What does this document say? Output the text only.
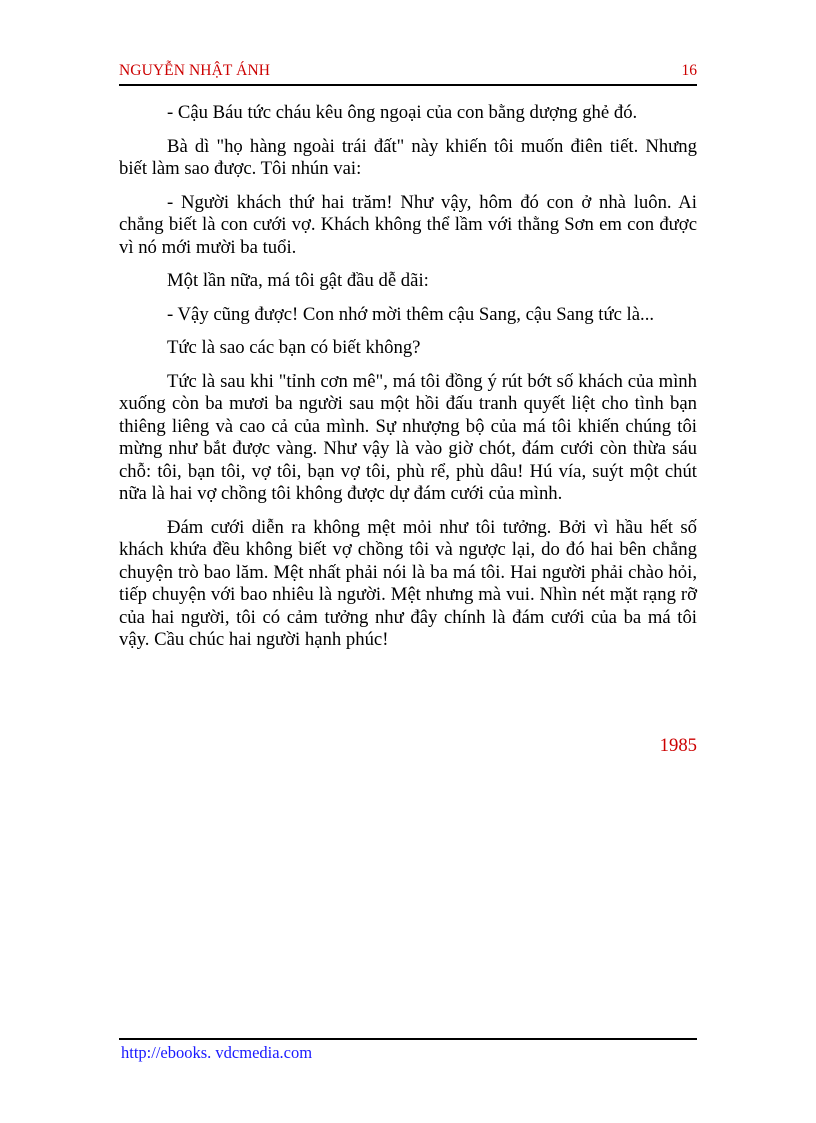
NGUYỄN NHẬT ÁNH	16

- Cậu Báu tức cháu kêu ông ngoại của con bằng dượng ghẻ đó.

Bà dì "họ hàng ngoài trái đất" này khiến tôi muốn điên tiết. Nhưng biết làm sao được. Tôi nhún vai:

- Người khách thứ hai trăm! Như vậy, hôm đó con ở nhà luôn. Ai chẳng biết là con cưới vợ. Khách không thể lầm với thằng Sơn em con được vì nó mới mười ba tuổi.

Một lần nữa, má tôi gật đầu dễ dãi:

- Vậy cũng được! Con nhớ mời thêm cậu Sang, cậu Sang tức là...

Tức là sao các bạn có biết không?

Tức là sau khi "tỉnh cơn mê", má tôi đồng ý rút bớt số khách của mình xuống còn ba mươi ba người sau một hồi đấu tranh quyết liệt cho tình bạn thiêng liêng và cao cả của mình. Sự nhượng bộ của má tôi khiến chúng tôi mừng như bắt được vàng. Như vậy là vào giờ chót, đám cưới còn thừa sáu chỗ: tôi, bạn tôi, vợ tôi, bạn vợ tôi, phù rể, phù dâu! Hú vía, suýt một chút nữa là hai vợ chồng tôi không được dự đám cưới của mình.

Đám cưới diễn ra không mệt mỏi như tôi tưởng. Bởi vì hầu hết số khách khứa đều không biết vợ chồng tôi và ngược lại, do đó hai bên chẳng chuyện trò bao lăm. Mệt nhất phải nói là ba má tôi. Hai người phải chào hỏi, tiếp chuyện với bao nhiêu là người. Mệt nhưng mà vui. Nhìn nét mặt rạng rỡ của hai người, tôi có cảm tưởng như đây chính là đám cưới của ba má tôi vậy. Cầu chúc hai người hạnh phúc!

1985
http://ebooks. vdcmedia.com
